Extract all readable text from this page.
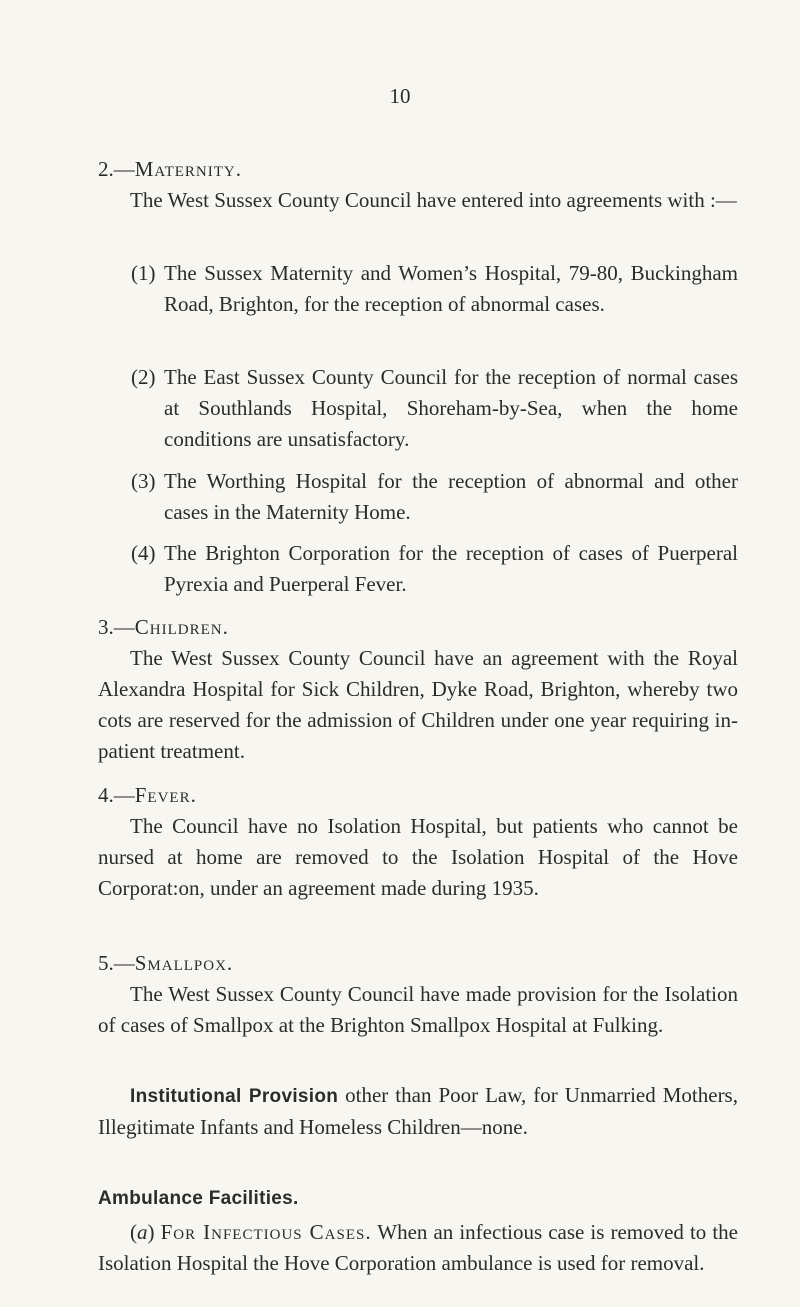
10
2.—Maternity.
The West Sussex County Council have entered into agreements with :—
(1) The Sussex Maternity and Women’s Hospital, 79-80, Buckingham Road, Brighton, for the reception of abnormal cases.
(2) The East Sussex County Council for the reception of normal cases at Southlands Hospital, Shoreham-by-Sea, when the home conditions are unsatisfactory.
(3) The Worthing Hospital for the reception of abnormal and other cases in the Maternity Home.
(4) The Brighton Corporation for the reception of cases of Puerperal Pyrexia and Puerperal Fever.
3.—Children.
The West Sussex County Council have an agreement with the Royal Alexandra Hospital for Sick Children, Dyke Road, Brighton, whereby two cots are reserved for the admission of Children under one year requiring in-patient treatment.
4.—Fever.
The Council have no Isolation Hospital, but patients who cannot be nursed at home are removed to the Isolation Hospital of the Hove Corporat:on, under an agreement made during 1935.
5.—Smallpox.
The West Sussex County Council have made provision for the Isolation of cases of Smallpox at the Brighton Smallpox Hospital at Fulking.
Institutional Provision other than Poor Law, for Unmarried Mothers, Illegitimate Infants and Homeless Children—none.
Ambulance Facilities.
(a) For Infectious Cases. When an infectious case is removed to the Isolation Hospital the Hove Corporation ambulance is used for removal.
